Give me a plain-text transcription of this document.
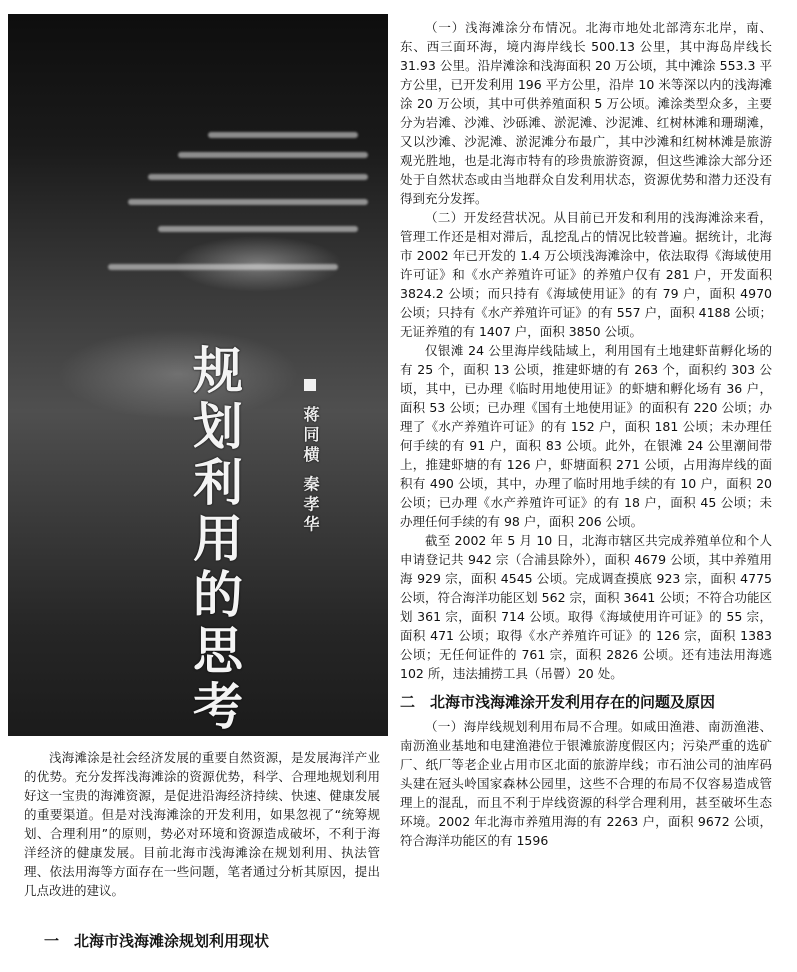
规划利用的思考	蒋同横 秦孝华

浅海滩涂是社会经济发展的重要自然资源，是发展海洋产业的优势。充分发挥浅海滩涂的资源优势，科学、合理地规划利用好这一宝贵的海滩资源，是促进沿海经济持续、快速、健康发展的重要渠道。但是对浅海滩涂的开发利用，如果忽视了“统筹规划、合理利用”的原则，势必对环境和资源造成破坏，不利于海洋经济的健康发展。目前北海市浅海滩涂在规划利用、执法管理、依法用海等方面存在一些问题，笔者通过分析其原因，提出几点改进的建议。

一　北海市浅海滩涂规划利用现状

（一）浅海滩涂分布情况。北海市地处北部湾东北岸，南、东、西三面环海，境内海岸线长 500.13 公里，其中海岛岸线长 31.93 公里。沿岸滩涂和浅海面积 20 万公顷，其中滩涂 553.3 平方公里，已开发利用 196 平方公里，沿岸 10 米等深以内的浅海滩涂 20 万公顷，其中可供养殖面积 5 万公顷。滩涂类型众多，主要分为岩滩、沙滩、沙砾滩、淤泥滩、沙泥滩、红树林滩和珊瑚滩，又以沙滩、沙泥滩、淤泥滩分布最广，其中沙滩和红树林滩是旅游观光胜地，也是北海市特有的珍贵旅游资源，但这些滩涂大部分还处于自然状态或由当地群众自发利用状态，资源优势和潜力还没有得到充分发挥。

（二）开发经营状况。从目前已开发和利用的浅海滩涂来看，管理工作还是相对滞后，乱挖乱占的情况比较普遍。据统计，北海市 2002 年已开发的 1.4 万公顷浅海滩涂中，依法取得《海域使用许可证》和《水产养殖许可证》的养殖户仅有 281 户，开发面积 3824.2 公顷；而只持有《海域使用证》的有 79 户，面积 4970 公顷；只持有《水产养殖许可证》的有 557 户，面积 4188 公顷；无证养殖的有 1407 户，面积 3850 公顷。

仅银滩 24 公里海岸线陆域上，利用国有土地建虾苗孵化场的有 25 个，面积 13 公顷，推建虾塘的有 263 个，面积约 303 公顷，其中，已办理《临时用地使用证》的虾塘和孵化场有 36 户，面积 53 公顷；已办理《国有土地使用证》的面积有 220 公顷；办理了《水产养殖许可证》的有 152 户，面积 181 公顷；未办理任何手续的有 91 户，面积 83 公顷。此外，在银滩 24 公里潮间带上，推建虾塘的有 126 户，虾塘面积 271 公顷，占用海岸线的面积有 490 公顷，其中，办理了临时用地手续的有 10 户，面积 20 公顷；已办理《水产养殖许可证》的有 18 户，面积 45 公顷；未办理任何手续的有 98 户，面积 206 公顷。

截至 2002 年 5 月 10 日，北海市辖区共完成养殖单位和个人申请登记共 942 宗（合浦县除外），面积 4679 公顷，其中养殖用海 929 宗，面积 4545 公顷。完成调查摸底 923 宗，面积 4775 公顷，符合海洋功能区划 562 宗，面积 3641 公顷；不符合功能区划 361 宗，面积 714 公顷。取得《海域使用许可证》的 55 宗，面积 471 公顷；取得《水产养殖许可证》的 126 宗，面积 1383 公顷；无任何证件的 761 宗，面积 2826 公顷。还有违法用海逃 102 所，违法捕捞工具（吊罾）20 处。

二　北海市浅海滩涂开发利用存在的问题及原因

（一）海岸线规划利用布局不合理。如咸田渔港、南沥渔港、南沥渔业基地和电建渔港位于银滩旅游度假区内；污染严重的选矿厂、纸厂等老企业占用市区北面的旅游岸线；市石油公司的油库码头建在冠头岭国家森林公园里，这些不合理的布局不仅容易造成管理上的混乱，而且不利于岸线资源的科学合理利用，甚至破坏生态环境。2002 年北海市养殖用海的有 2263 户，面积 9672 公顷，符合海洋功能区的有 1596
